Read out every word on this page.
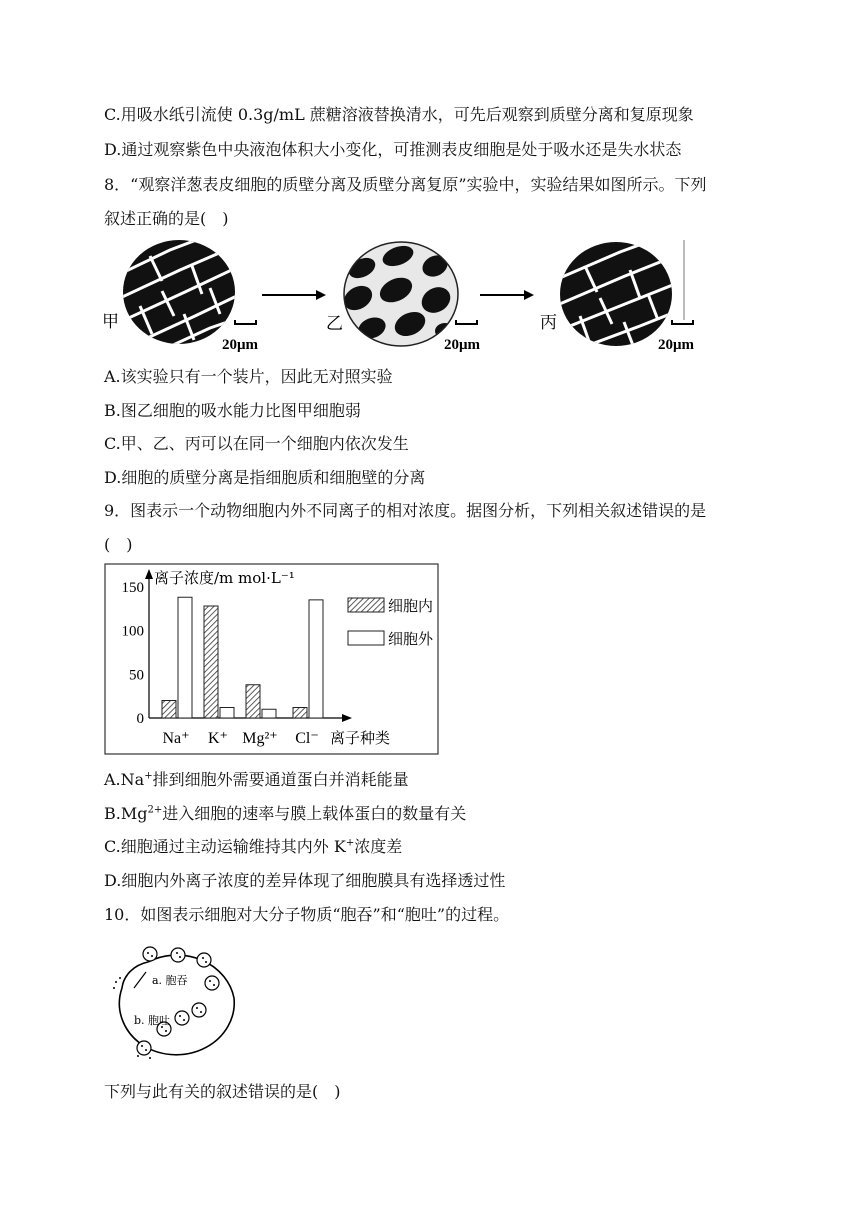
C.用吸水纸引流使 0.3g/mL 蔗糖溶液替换清水，可先后观察到质壁分离和复原现象
D.通过观察紫色中央液泡体积大小变化，可推测表皮细胞是处于吸水还是失水状态
8．“观察洋葱表皮细胞的质壁分离及质壁分离复原”实验中，实验结果如图所示。下列
叙述正确的是(　)
甲
20μm
乙
20μm
丙
20μm
A.该实验只有一个装片，因此无对照实验
B.图乙细胞的吸水能力比图甲细胞弱
C.甲、乙、丙可以在同一个细胞内依次发生
D.细胞的质壁分离是指细胞质和细胞壁的分离
9．图表示一个动物细胞内外不同离子的相对浓度。据图分析，下列相关叙述错误的是
(　)
离子浓度/m mol·L⁻¹
离子种类
0
50
100
150
Na⁺ K⁺ Mg²⁺ Cl⁻
细胞内
细胞外
A.Na+排到细胞外需要通道蛋白并消耗能量
$B.Mg^{2+}$进入细胞的速率与膜上载体蛋白的数量有关
C.细胞通过主动运输维持其内外 K+浓度差
D.细胞内外离子浓度的差异体现了细胞膜具有选择透过性
10．如图表示细胞对大分子物质“胞吞”和“胞吐”的过程。
a. 胞吞
b. 胞吐
下列与此有关的叙述错误的是(　)
